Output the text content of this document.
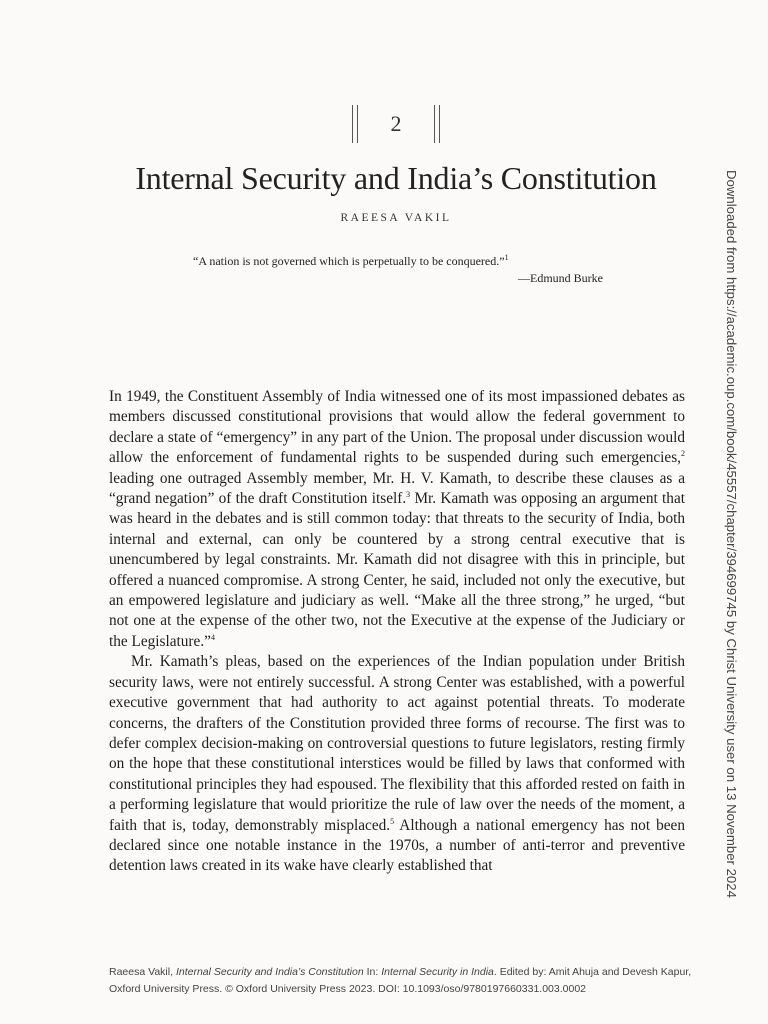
2
Internal Security and India’s Constitution
RAEESA VAKIL
“A nation is not governed which is perpetually to be conquered.”$^1$
—Edmund Burke

In 1949, the Constituent Assembly of India witnessed one of its most impassioned debates as members discussed constitutional provisions that would allow the federal government to declare a state of “emergency” in any part of the Union. The proposal under discussion would allow the enforcement of fundamental rights to be suspended during such emergencies,$^2$ leading one outraged Assembly member, Mr. H. V. Kamath, to describe these clauses as a “grand negation” of the draft Constitution itself.$^3$ Mr. Kamath was opposing an argument that was heard in the debates and is still common today: that threats to the security of India, both internal and external, can only be countered by a strong central executive that is unencumbered by legal constraints. Mr. Kamath did not disagree with this in principle, but offered a nuanced compromise. A strong Center, he said, included not only the executive, but an empowered legislature and judiciary as well. “Make all the three strong,” he urged, “but not one at the expense of the other two, not the Executive at the expense of the Judiciary or the Legislature.”$^4$

Mr. Kamath’s pleas, based on the experiences of the Indian population under British security laws, were not entirely successful. A strong Center was established, with a powerful executive government that had authority to act against potential threats. To moderate concerns, the drafters of the Constitution provided three forms of recourse. The first was to defer complex decision-making on controversial questions to future legislators, resting firmly on the hope that these constitutional interstices would be filled by laws that conformed with constitutional principles they had espoused. The flexibility that this afforded rested on faith in a performing legislature that would prioritize the rule of law over the needs of the moment, a faith that is, today, demonstrably misplaced.$^5$ Although a national emergency has not been declared since one notable instance in the 1970s, a number of anti-terror and preventive detention laws created in its wake have clearly established that	Downloaded from https://academic.oup.com/book/45557/chapter/394699745 by Christ University user on 13 November 2024
Raeesa Vakil, Internal Security and India’s Constitution In: Internal Security in India. Edited by: Amit Ahuja and Devesh Kapur,
Oxford University Press. © Oxford University Press 2023. DOI: 10.1093/oso/9780197660331.003.0002
